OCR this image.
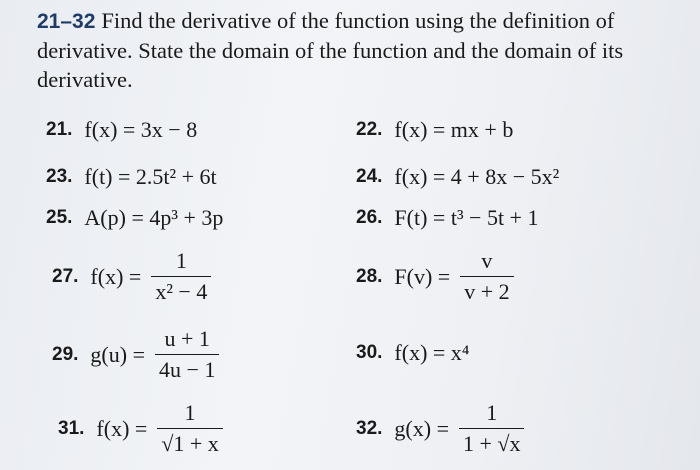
21–32 Find the derivative of the function using the definition of derivative. State the domain of the function and the domain of its derivative.
21. f(x) = 3x − 8	22. f(x) = mx + b
23. f(t) = 2.5t² + 6t	24. f(x) = 4 + 8x − 5x²
25. A(p) = 4p³ + 3p	26. F(t) = t³ − 5t + 1
27. $f(x) = \frac{1}{\text{x² − 4}}$	28. $F(v) = \frac{v}{v + 2}$
29. $g(u) = \frac{u + 1}{4u - 1}$	30. f(x) = x⁴
31. $f(x) = \frac{1}{√1 + x}$	32. $g(x) = \frac{1}{1 + √x}$
